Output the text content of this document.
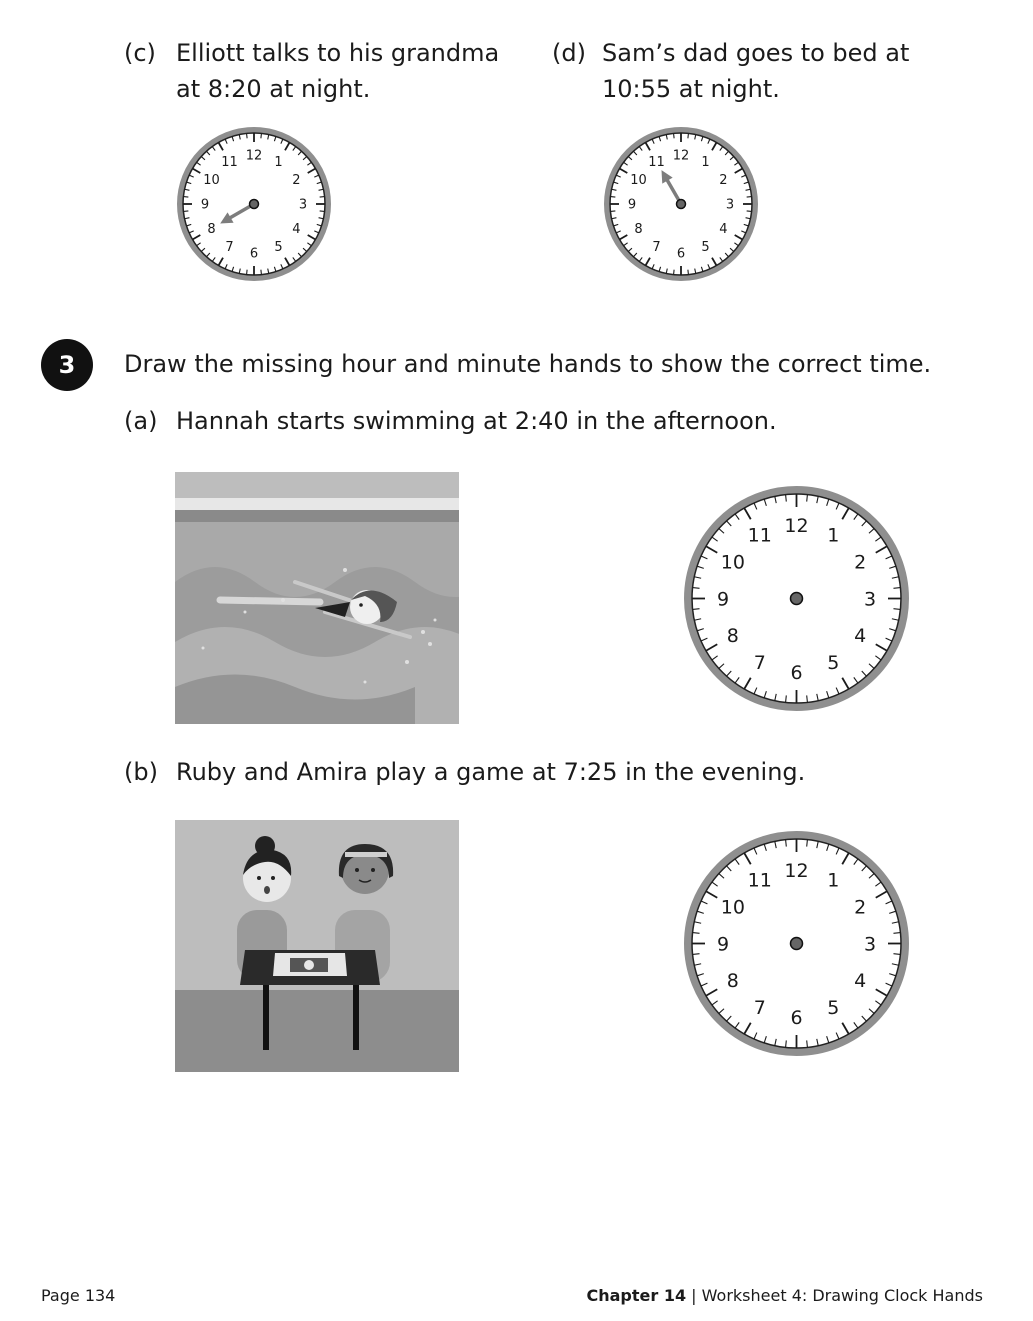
(c) Elliott talks to his grandma
at 8:20 at night.
(d) Sam’s dad goes to bed at
10:55 at night.
12 1
2
3
4
5
6
7
8
9
10
11	12 1
2
3
4
5
6
7
8
9
10
11
3	Draw the missing hour and minute hands to show the correct time.
(a) Hannah starts swimming at 2:40 in the afternoon.
12 1
2
3
4
5
6
7
8
9
10
11
(b) Ruby and Amira play a game at 7:25 in the evening.
12 1
2
3
4
5
6
7
8
9
10
11
Page 134	Chapter 14 | Worksheet 4: Drawing Clock Hands
